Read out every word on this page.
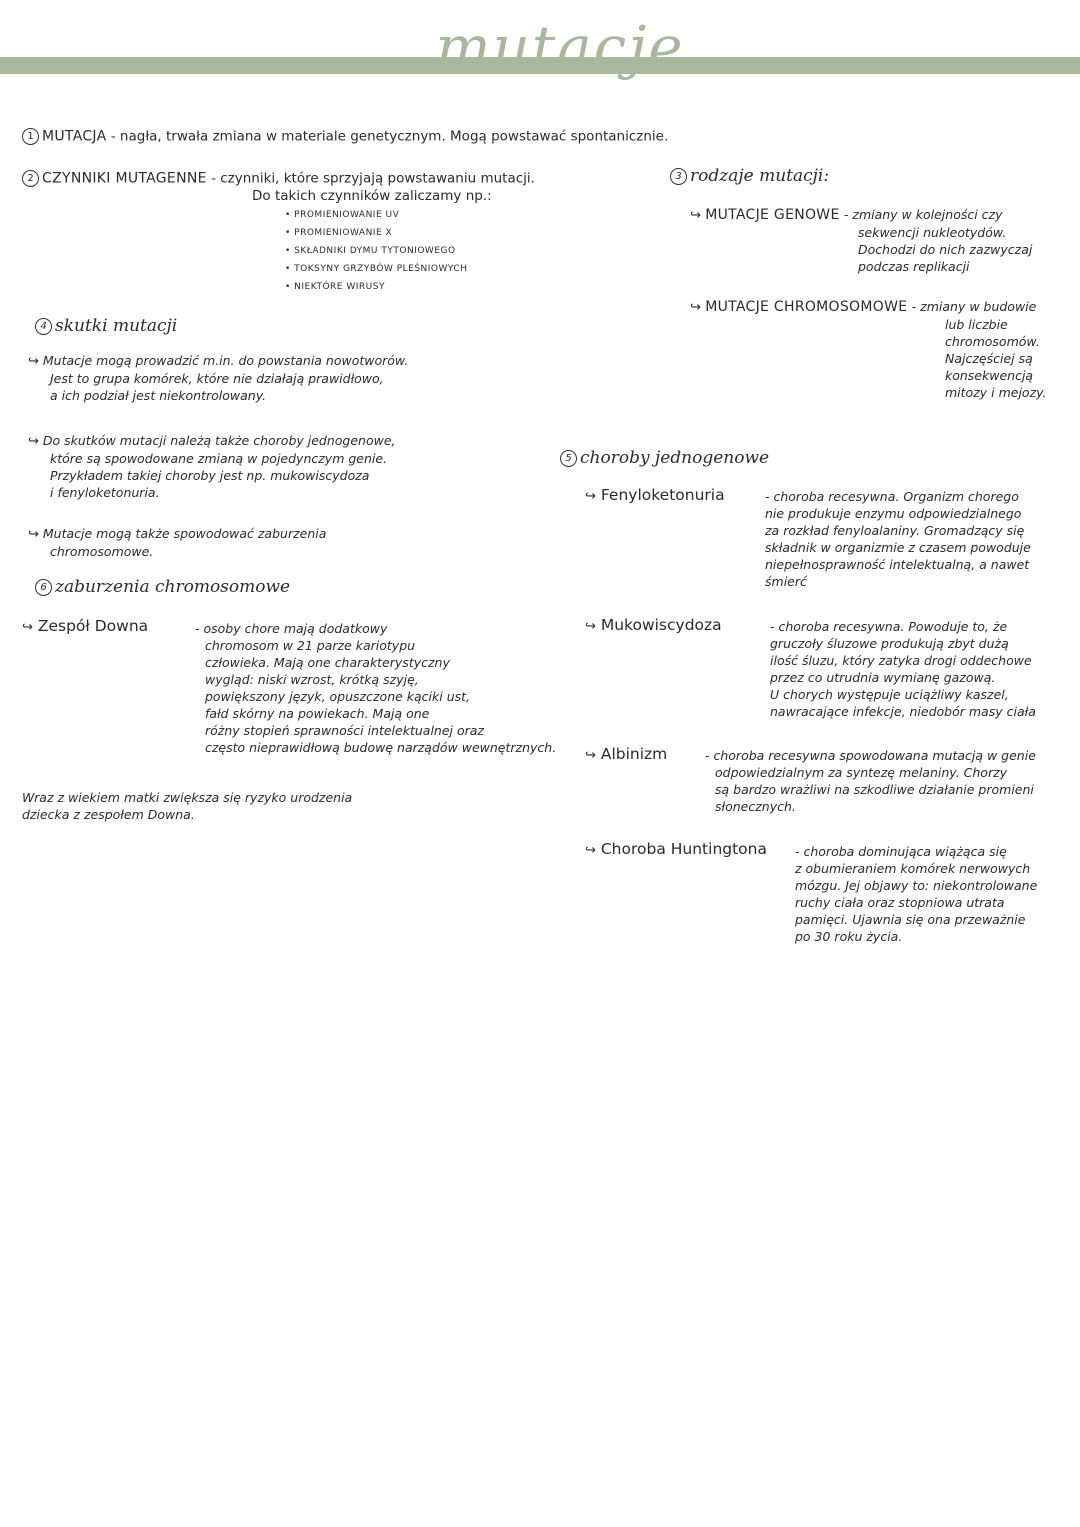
mutacje
1 MUTACJA - nagła, trwała zmiana w materiale genetycznym. Mogą powstawać spontanicznie.
2 CZYNNIKI MUTAGENNE - czynniki, które sprzyjają powstawaniu mutacji.
Do takich czynników zaliczamy np.:
• PROMIENIOWANIE UV
• PROMIENIOWANIE X
• SKŁADNIKI DYMU TYTONIOWEGO
• TOKSYNY GRZYBÓW PLEŚNIOWYCH
• NIEKTÓRE WIRUSY
3 rodzaje mutacji:
↪ MUTACJE GENOWE - zmiany w kolejności czy
sekwencji nukleotydów.
Dochodzi do nich zazwyczaj
podczas replikacji
↪ MUTACJE CHROMOSOMOWE - zmiany w budowie
lub liczbie
chromosomów.
Najczęściej są
konsekwencją
mitozy i mejozy.
4 skutki mutacji
↪ Mutacje mogą prowadzić m.in. do powstania nowotworów.
Jest to grupa komórek, które nie działają prawidłowo,
a ich podział jest niekontrolowany.
↪ Do skutków mutacji należą także choroby jednogenowe,
które są spowodowane zmianą w pojedynczym genie.
Przykładem takiej choroby jest np. mukowiscydoza
i fenyloketonuria.
↪ Mutacje mogą także spowodować zaburzenia
chromosomowe.
5 choroby jednogenowe
↪ Fenyloketonuria	- choroba recesywna. Organizm chorego
nie produkuje enzymu odpowiedzialnego
za rozkład fenyloalaniny. Gromadzący się
składnik w organizmie z czasem powoduje
niepełnosprawność intelektualną, a nawet
śmierć
↪ Mukowiscydoza	- choroba recesywna. Powoduje to, że
gruczoły śluzowe produkują zbyt dużą
ilość śluzu, który zatyka drogi oddechowe
przez co utrudnia wymianę gazową.
U chorych występuje uciążliwy kaszel,
nawracające infekcje, niedobór masy ciała
↪ Albinizm	- choroba recesywna spowodowana mutacją w genie
odpowiedzialnym za syntezę melaniny. Chorzy
są bardzo wrażliwi na szkodliwe działanie promieni
słonecznych.
↪ Choroba Huntingtona - choroba dominująca wiążąca się
z obumieraniem komórek nerwowych
mózgu. Jej objawy to: niekontrolowane
ruchy ciała oraz stopniowa utrata
pamięci. Ujawnia się ona przeważnie
po 30 roku życia.
6 zaburzenia chromosomowe
↪ Zespół Downa	- osoby chore mają dodatkowy
chromosom w 21 parze kariotypu
człowieka. Mają one charakterystyczny
wygląd: niski wzrost, krótką szyję,
powiększony język, opuszczone kąciki ust,
fałd skórny na powiekach. Mają one
różny stopień sprawności intelektualnej oraz
często nieprawidłową budowę narządów wewnętrznych.
Wraz z wiekiem matki zwiększa się ryzyko urodzenia
dziecka z zespołem Downa.
